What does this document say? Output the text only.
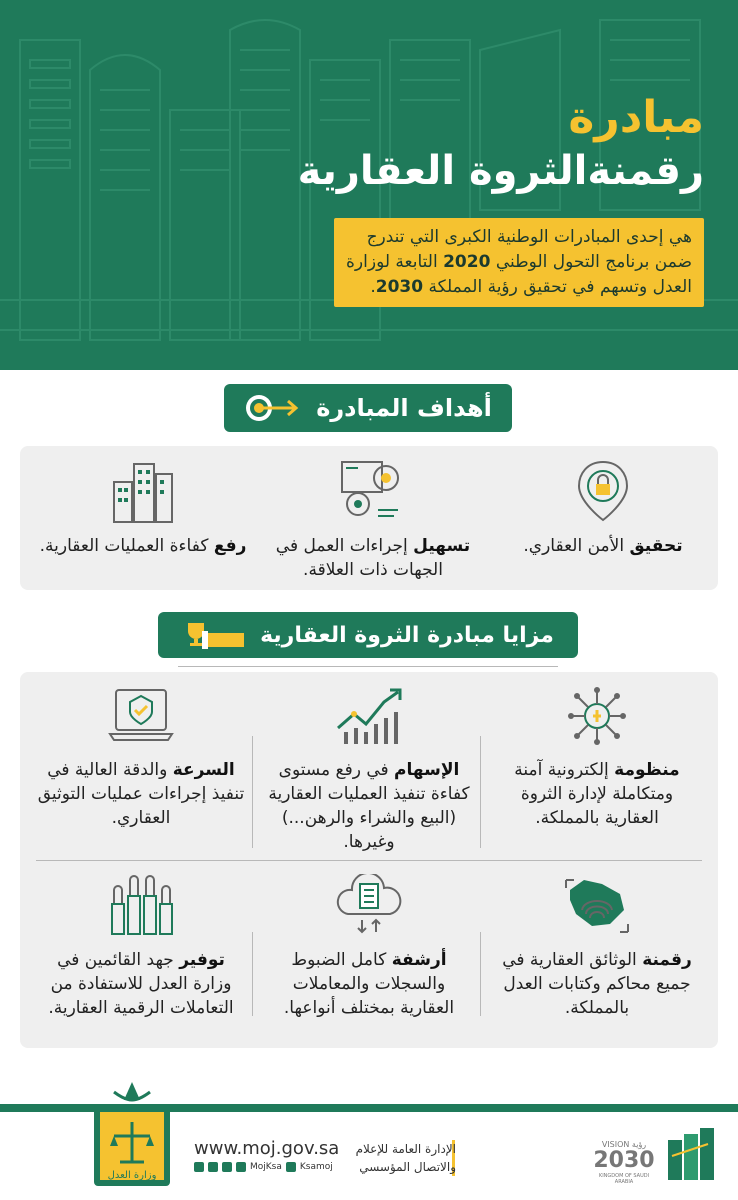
مبادرة
رقمنةالثروة العقارية
هي إحدى المبادرات الوطنية الكبرى التي تندرج ضمن برنامج التحول الوطني 2020 التابعة لوزارة العدل وتسهم في تحقيق رؤية المملكة 2030.
أهداف المبادرة
تحقيق الأمن العقاري.
تسهيل إجراءات العمل في الجهات ذات العلاقة.
رفع كفاءة العمليات العقارية.
مزايا مبادرة الثروة العقارية
منظومة إلكترونية آمنة ومتكاملة لإدارة الثروة العقارية بالمملكة.
الإسهام في رفع مستوى كفاءة تنفيذ العمليات العقارية (البيع والشراء والرهن...) وغيرها.
السرعة والدقة العالية في تنفيذ إجراءات عمليات التوثيق العقاري.
رقمنة الوثائق العقارية في جميع محاكم وكتابات العدل بالمملكة.
أرشفة كامل الضبوط والسجلات والمعاملات العقارية بمختلف أنواعها.
توفير جهد القائمين في وزارة العدل للاستفادة من التعاملات الرقمية العقارية.
وزارة العدل
www.moj.gov.sa
MojKsa Ksamoj
الإدارة العامة للإعلام والاتصال المؤسسي
VISION رؤية
2030
KINGDOM OF SAUDI ARABIA
